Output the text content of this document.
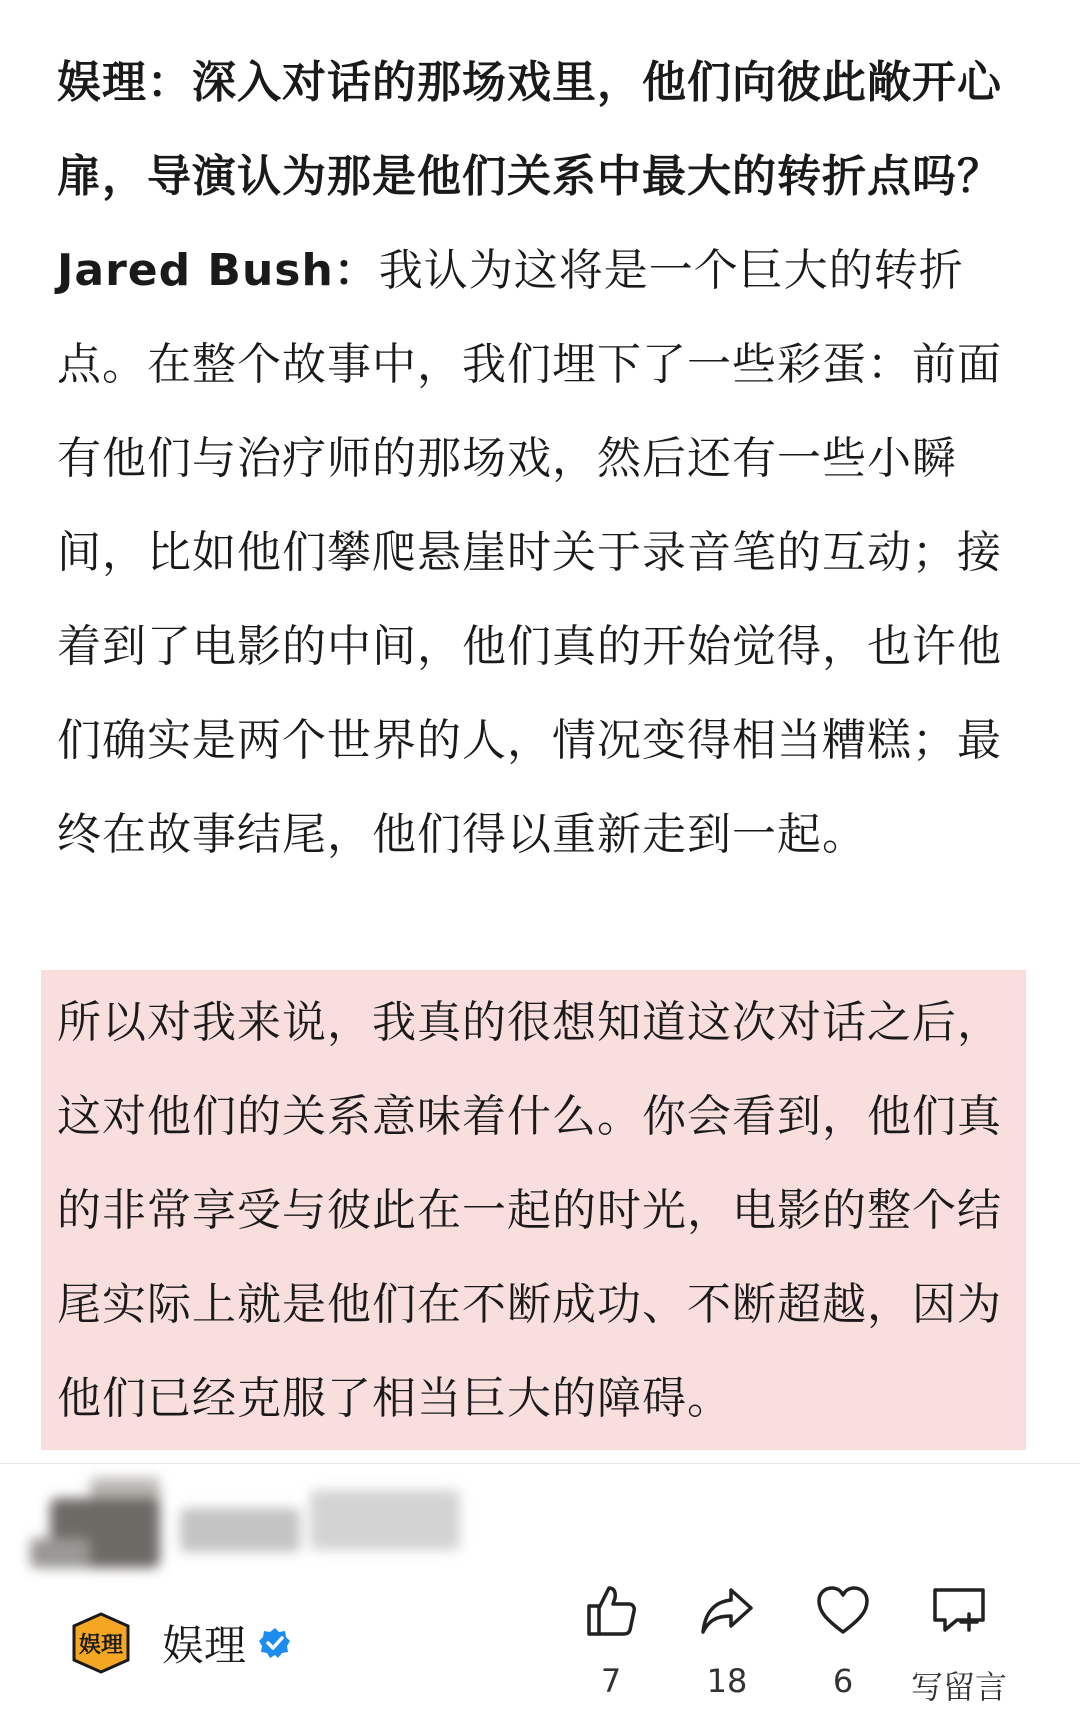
娱理：深入对话的那场戏里，他们向彼此敞开心扉，导演认为那是他们关系中最大的转折点吗？

Jared Bush：我认为这将是一个巨大的转折点。在整个故事中，我们埋下了一些彩蛋：前面有他们与治疗师的那场戏，然后还有一些小瞬间，比如他们攀爬悬崖时关于录音笔的互动；接着到了电影的中间，他们真的开始觉得，也许他们确实是两个世界的人，情况变得相当糟糕；最终在故事结尾，他们得以重新走到一起。

所以对我来说，我真的很想知道这次对话之后，这对他们的关系意味着什么。你会看到，他们真的非常享受与彼此在一起的时光，电影的整个结尾实际上就是他们在不断成功、不断超越，因为他们已经克服了相当巨大的障碍。

娱理 娱理
7	18	6	写留言
